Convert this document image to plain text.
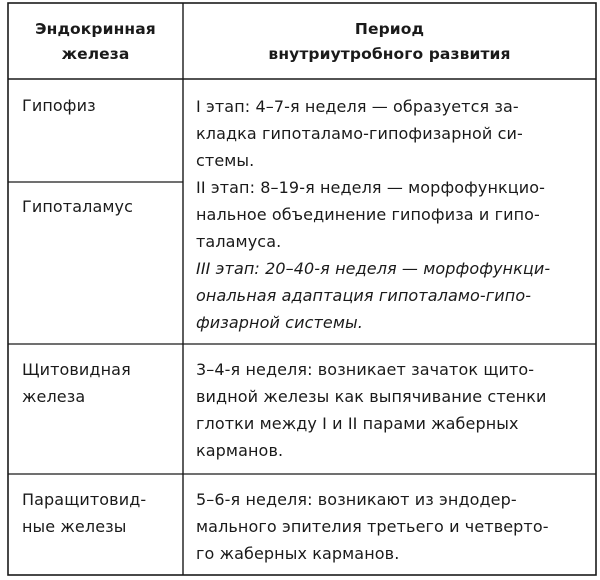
Эндокринная
железа
Период
внутриутробного развития
Гипофиз
Гипоталамус
I этап: 4–7-я неделя — образуется за-
кладка гипоталамо-гипофизарной си-
стемы.
II этап: 8–19-я неделя — морфофункцио-
нальное объединение гипофиза и гипо-
таламуса.
III этап: 20–40-я неделя — морфофункци-
ональная адаптация гипоталамо-гипо-
физарной системы.
Щитовидная
железа
3–4-я неделя: возникает зачаток щито-
видной железы как выпячивание стенки
глотки между I и II парами жаберных
карманов.
Паращитовид-
ные железы
5–6-я неделя: возникают из эндодер-
мального эпителия третьего и четверто-
го жаберных карманов.
